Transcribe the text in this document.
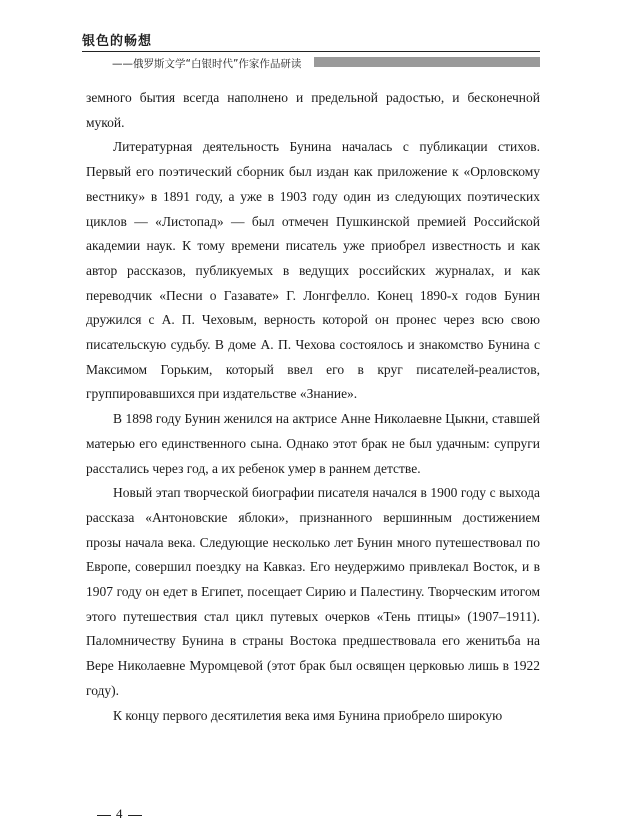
银色的畅想
——俄罗斯文学“白银时代”作家作品研读

земного бытия всегда наполнено и предельной радостью, и бесконечной мукой.

Литературная деятельность Бунина началась с публикации стихов. Первый его поэтический сборник был издан как приложение к «Орловскому вестнику» в 1891 году, а уже в 1903 году один из следующих поэтических циклов — «Листопад» — был отмечен Пушкинской премией Российской академии наук. К тому времени писатель уже приобрел известность и как автор рассказов, публикуемых в ведущих российских журналах, и как переводчик «Песни о Газавате» Г. Лонгфелло. Конец 1890-х годов Бунин дружился с А. П. Чеховым, верность которой он пронес через всю свою писательскую судьбу. В доме А. П. Чехова состоялось и знакомство Бунина с Максимом Горьким, который ввел его в круг писателей-реалистов, группировавшихся при издательстве «Знание».

В 1898 году Бунин женился на актрисе Анне Николаевне Цыкни, ставшей матерью его единственного сына. Однако этот брак не был удачным: супруги расстались через год, а их ребенок умер в раннем детстве.

Новый этап творческой биографии писателя начался в 1900 году с выхода рассказа «Антоновские яблоки», признанного вершинным достижением прозы начала века. Следующие несколько лет Бунин много путешествовал по Европе, совершил поездку на Кавказ. Его неудержимо привлекал Восток, и в 1907 году он едет в Египет, посещает Сирию и Палестину. Творческим итогом этого путешествия стал цикл путевых очерков «Тень птицы» (1907–1911). Паломничеству Бунина в страны Востока предшествовала его женитьба на Вере Николаевне Муромцевой (этот брак был освящен церковью лишь в 1922 году).

К концу первого десятилетия века имя Бунина приобрело широкую

4
